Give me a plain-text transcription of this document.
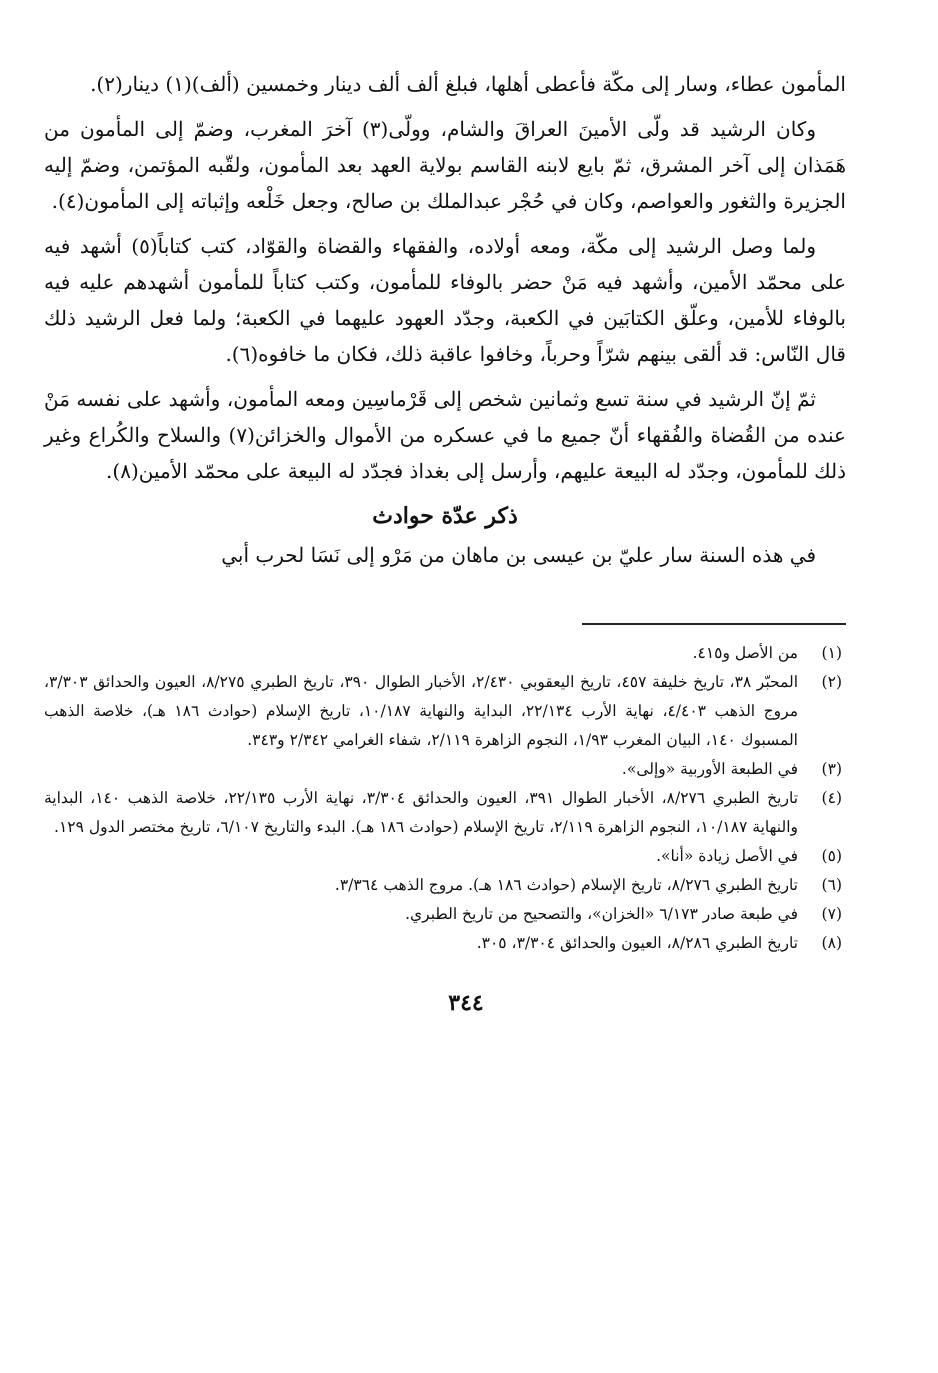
المأمون عطاء، وسار إلى مكّة فأعطى أهلها، فبلغ ألف ألف دينار وخمسين (ألف)(١) دينار(٢).

وكان الرشيد قد ولّى الأمينَ العراقَ والشام، وولّى(٣) آخرَ المغرب، وضمّ إلى المأمون من هَمَذان إلى آخر المشرق، ثمّ بايع لابنه القاسم بولاية العهد بعد المأمون، ولقّبه المؤتمن، وضمّ إليه الجزيرة والثغور والعواصم، وكان في حُجْر عبدالملك بن صالح، وجعل خَلْعه وإثباته إلى المأمون(٤).

ولما وصل الرشيد إلى مكّة، ومعه أولاده، والفقهاء والقضاة والقوّاد، كتب كتاباً(٥) أشهد فيه على محمّد الأمين، وأشهد فيه مَنْ حضر بالوفاء للمأمون، وكتب كتاباً للمأمون أشهدهم عليه فيه بالوفاء للأمين، وعلّق الكتابَين في الكعبة، وجدّد العهود عليهما في الكعبة؛ ولما فعل الرشيد ذلك قال النّاس: قد ألقى بينهم شرّاً وحرباً، وخافوا عاقبة ذلك، فكان ما خافوه(٦).

ثمّ إنّ الرشيد في سنة تسع وثمانين شخص إلى قَرْماسِين ومعه المأمون، وأشهد على نفسه مَنْ عنده من القُضاة والفُقهاء أنّ جميع ما في عسكره من الأموال والخزائن(٧) والسلاح والكُراع وغير ذلك للمأمون، وجدّد له البيعة عليهم، وأرسل إلى بغداذ فجدّد له البيعة على محمّد الأمين(٨).

ذكر عدّة حوادث

في هذه السنة سار عليّ بن عيسى بن ماهان من مَرْو إلى نَسَا لحرب أبي

(١)
من الأصل و٤١٥.
(٢)
المحبّر ٣٨، تاريخ خليفة ٤٥٧، تاريخ اليعقوبي ٢/٤٣٠، الأخبار الطوال ٣٩٠، تاريخ الطبري ٨/٢٧٥، العيون والحدائق ٣/٣٠٣، مروج الذهب ٤/٤٠٣، نهاية الأرب ٢٢/١٣٤، البداية والنهاية ١٠/١٨٧، تاريخ الإسلام (حوادث ١٨٦ هـ)، خلاصة الذهب المسبوك ١٤٠، البيان المغرب ١/٩٣، النجوم الزاهرة ٢/١١٩، شفاء الغرامي ٢/٣٤٢ و٣٤٣.
(٣)
في الطبعة الأوربية «وإلى».
(٤)
تاريخ الطبري ٨/٢٧٦، الأخبار الطوال ٣٩١، العيون والحدائق ٣/٣٠٤، نهاية الأرب ٢٢/١٣٥، خلاصة الذهب ١٤٠، البداية والنهاية ١٠/١٨٧، النجوم الزاهرة ٢/١١٩، تاريخ الإسلام (حوادث ١٨٦ هـ). البدء والتاريخ ٦/١٠٧، تاريخ مختصر الدول ١٢٩.
(٥)
في الأصل زيادة «أنا».
(٦)
تاريخ الطبري ٨/٢٧٦، تاريخ الإسلام (حوادث ١٨٦ هـ). مروج الذهب ٣/٣٦٤.
(٧)
في طبعة صادر ٦/١٧٣ «الخزان»، والتصحيح من تاريخ الطبري.
(٨)
تاريخ الطبري ٨/٢٨٦، العيون والحدائق ٣/٣٠٤، ٣٠٥.
٣٤٤
